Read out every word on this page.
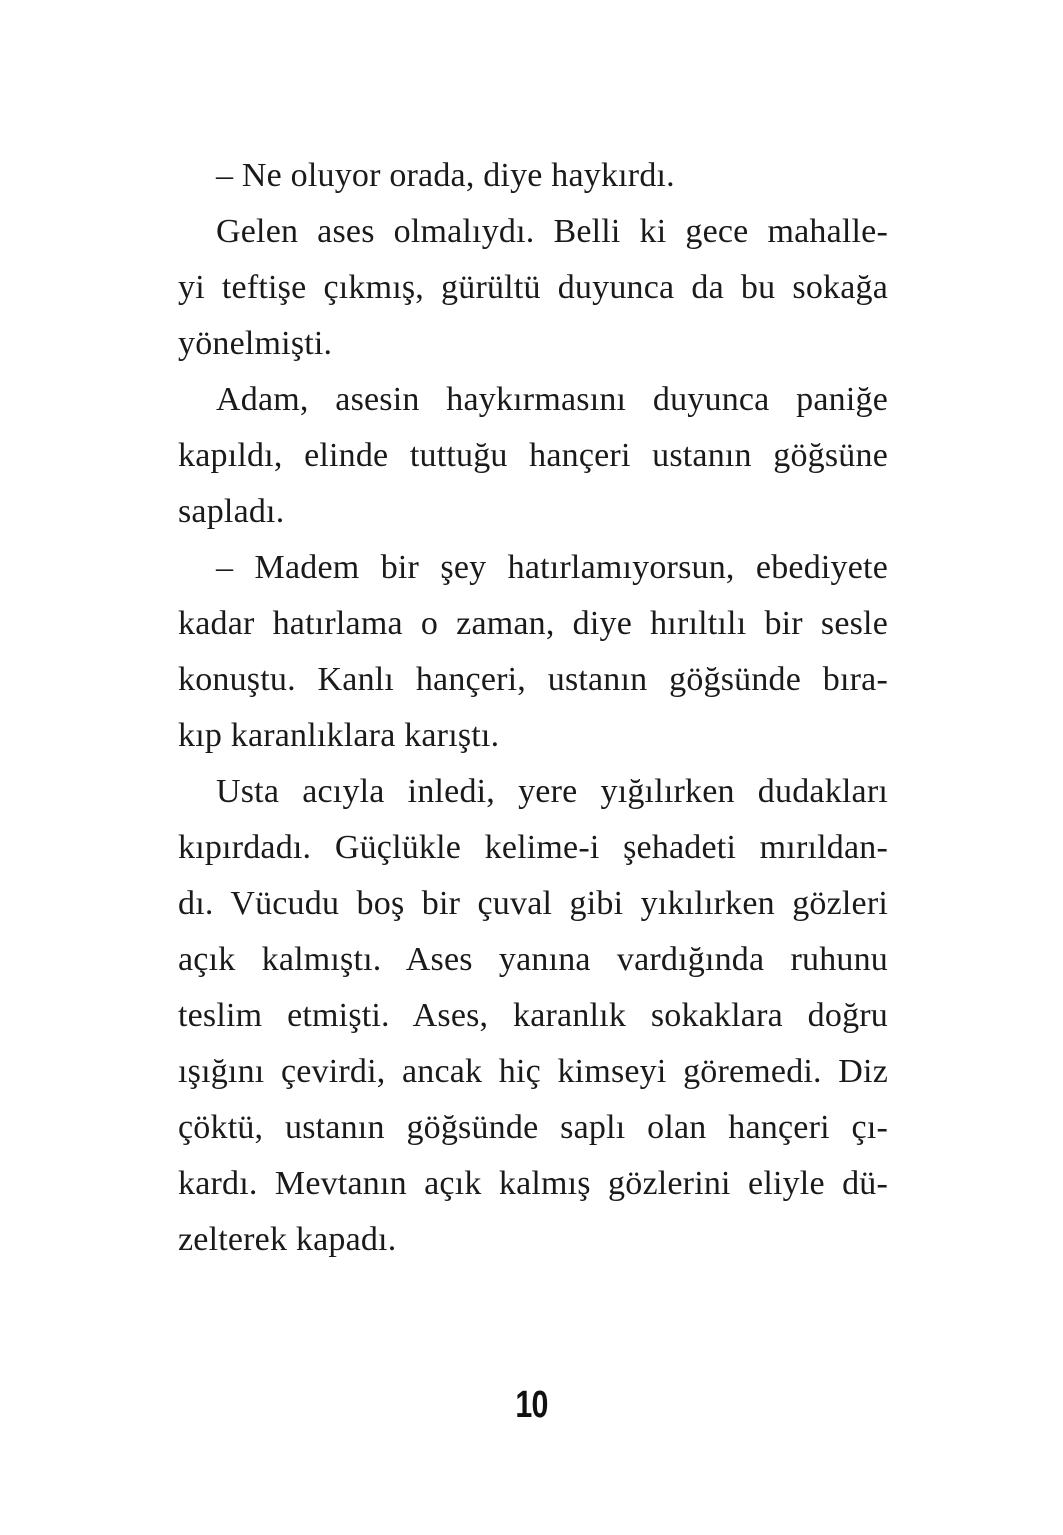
– Ne oluyor orada, diye haykırdı.
Gelen ases olmalıydı. Belli ki gece mahalle-
yi teftişe çıkmış, gürültü duyunca da bu sokağa
yönelmişti.
Adam, asesin haykırmasını duyunca paniğe
kapıldı, elinde tuttuğu hançeri ustanın göğsüne
sapladı.
– Madem bir şey hatırlamıyorsun, ebediyete
kadar hatırlama o zaman, diye hırıltılı bir sesle
konuştu. Kanlı hançeri, ustanın göğsünde bıra-
kıp karanlıklara karıştı.
Usta acıyla inledi, yere yığılırken dudakları
kıpırdadı. Güçlükle kelime-i şehadeti mırıldan-
dı. Vücudu boş bir çuval gibi yıkılırken gözleri
açık kalmıştı. Ases yanına vardığında ruhunu
teslim etmişti. Ases, karanlık sokaklara doğru
ışığını çevirdi, ancak hiç kimseyi göremedi. Diz
çöktü, ustanın göğsünde saplı olan hançeri çı-
kardı. Mevtanın açık kalmış gözlerini eliyle dü-
zelterek kapadı.
10
